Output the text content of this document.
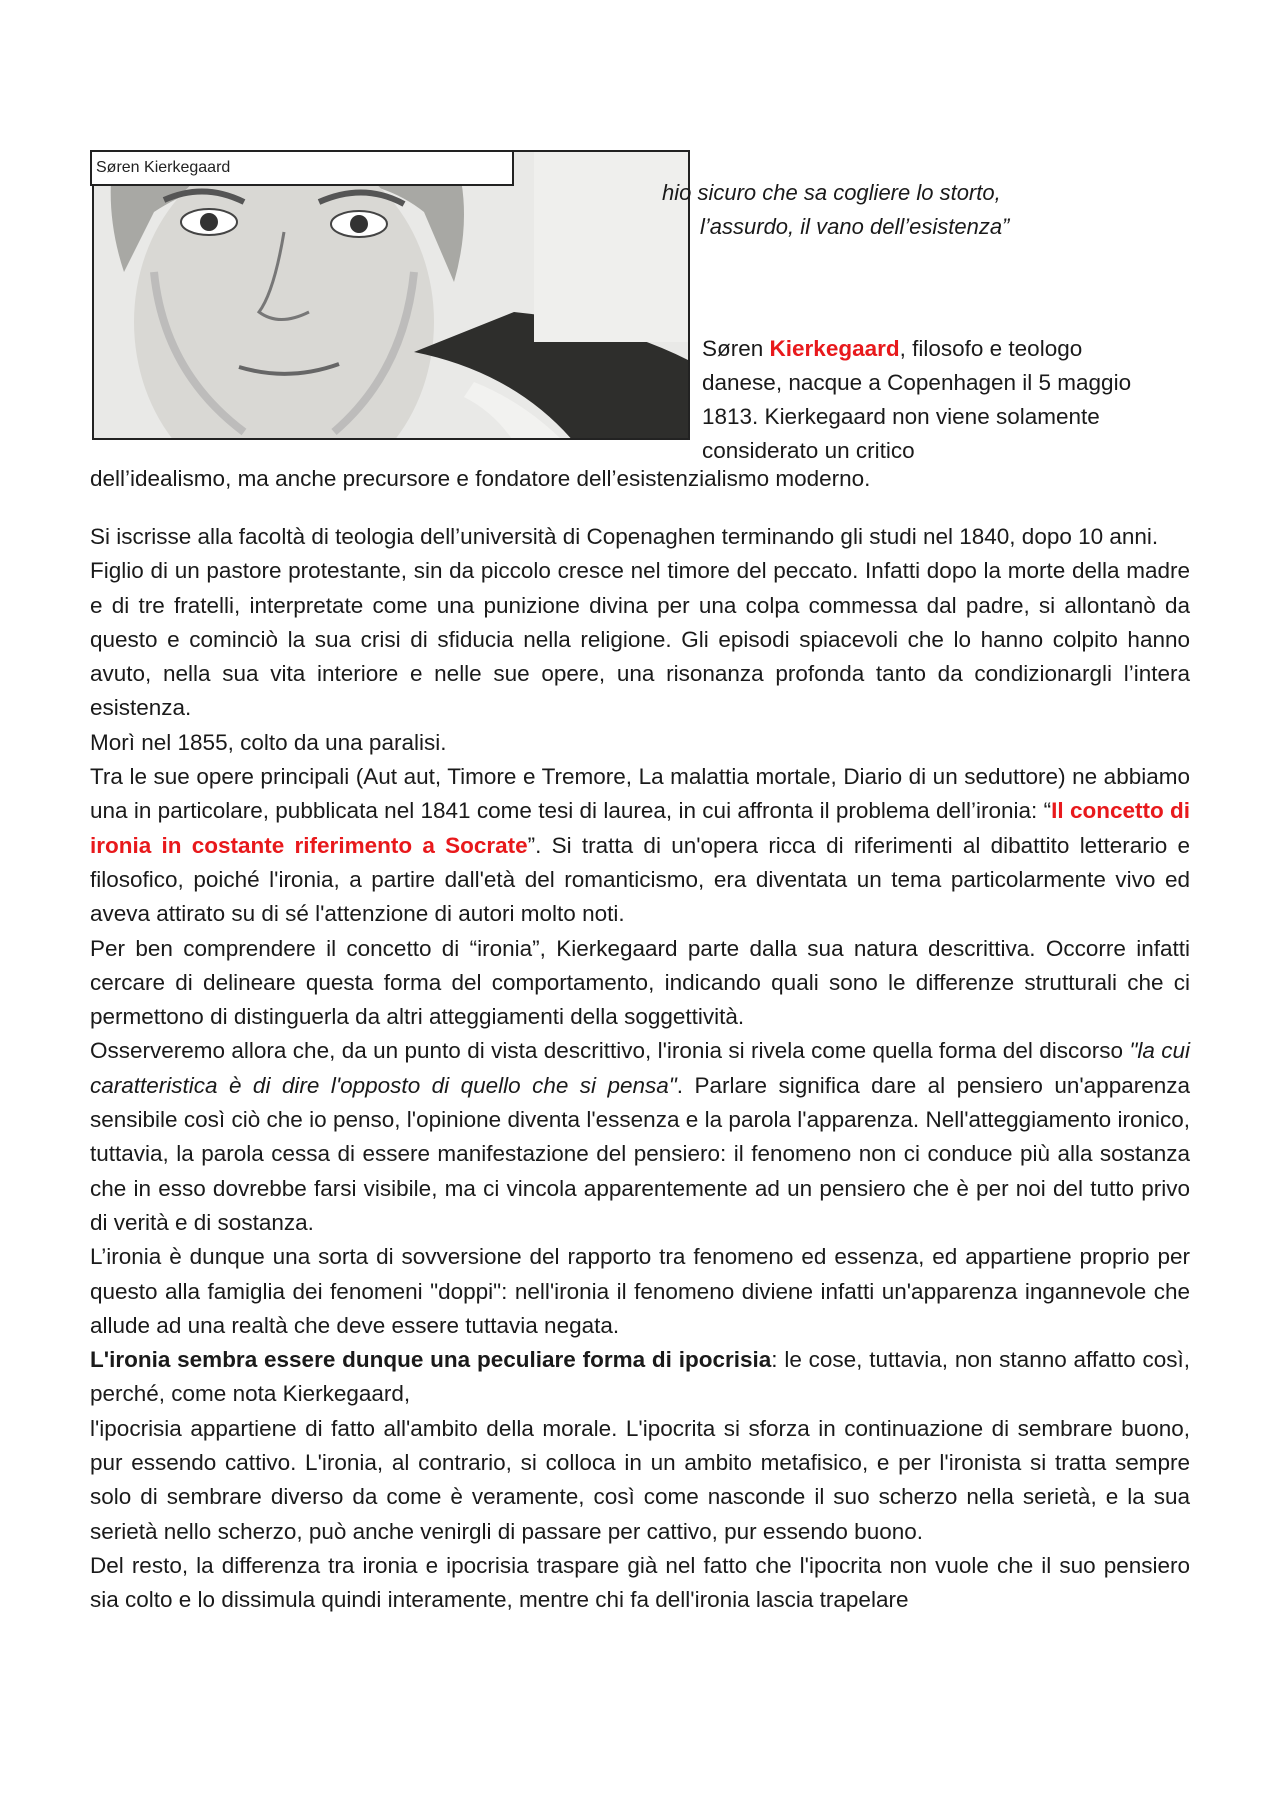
Søren Kierkegaard
hio sicuro che sa cogliere lo storto,
l’assurdo, il vano dell’esistenza”
Søren Kierkegaard, filosofo e teologo danese, nacque a Copenhagen il 5 maggio 1813. Kierkegaard non viene solamente considerato un critico
dell’idealismo, ma anche precursore e fondatore dell’esistenzialismo moderno.

Si iscrisse alla facoltà di teologia dell’università di Copenaghen terminando gli studi nel 1840, dopo 10 anni.

Figlio di un pastore protestante, sin da piccolo cresce nel timore del peccato. Infatti dopo la morte della madre e di tre fratelli, interpretate come una punizione divina per una colpa commessa dal padre, si allontanò da questo e cominciò la sua crisi di sfiducia nella religione. Gli episodi spiacevoli che lo hanno colpito hanno avuto, nella sua vita interiore e nelle sue opere, una risonanza profonda tanto da condizionargli l’intera esistenza.

Morì nel 1855, colto da una paralisi.

Tra le sue opere principali (Aut aut, Timore e Tremore, La malattia mortale, Diario di un seduttore) ne abbiamo una in particolare, pubblicata nel 1841 come tesi di laurea, in cui affronta il problema dell’ironia: “Il concetto di ironia in costante riferimento a Socrate”. Si tratta di un'opera ricca di riferimenti al dibattito letterario e filosofico, poiché l'ironia, a partire dall'età del romanticismo, era diventata un tema particolarmente vivo ed aveva attirato su di sé l'attenzione di autori molto noti.

Per ben comprendere il concetto di “ironia”, Kierkegaard parte dalla sua natura descrittiva. Occorre infatti cercare di delineare questa forma del comportamento, indicando quali sono le differenze strutturali che ci permettono di distinguerla da altri atteggiamenti della soggettività.

Osserveremo allora che, da un punto di vista descrittivo, l'ironia si rivela come quella forma del discorso "la cui caratteristica è di dire l'opposto di quello che si pensa". Parlare significa dare al pensiero un'apparenza sensibile così ciò che io penso, l'opinione diventa l'essenza e la parola l'apparenza. Nell'atteggiamento ironico, tuttavia, la parola cessa di essere manifestazione del pensiero: il fenomeno non ci conduce più alla sostanza che in esso dovrebbe farsi visibile, ma ci vincola apparentemente ad un pensiero che è per noi del tutto privo di verità e di sostanza.

L’ironia è dunque una sorta di sovversione del rapporto tra fenomeno ed essenza, ed appartiene proprio per questo alla famiglia dei fenomeni "doppi": nell'ironia il fenomeno diviene infatti un'apparenza ingannevole che allude ad una realtà che deve essere tuttavia negata.

L'ironia sembra essere dunque una peculiare forma di ipocrisia: le cose, tuttavia, non stanno affatto così, perché, come nota Kierkegaard,

l'ipocrisia appartiene di fatto all'ambito della morale. L'ipocrita si sforza in continuazione di sembrare buono, pur essendo cattivo. L'ironia, al contrario, si colloca in un ambito metafisico, e per l'ironista si tratta sempre solo di sembrare diverso da come è veramente, così come nasconde il suo scherzo nella serietà, e la sua serietà nello scherzo, può anche venirgli di passare per cattivo, pur essendo buono.

Del resto, la differenza tra ironia e ipocrisia traspare già nel fatto che l'ipocrita non vuole che il suo pensiero sia colto e lo dissimula quindi interamente, mentre chi fa dell'ironia lascia trapelare
